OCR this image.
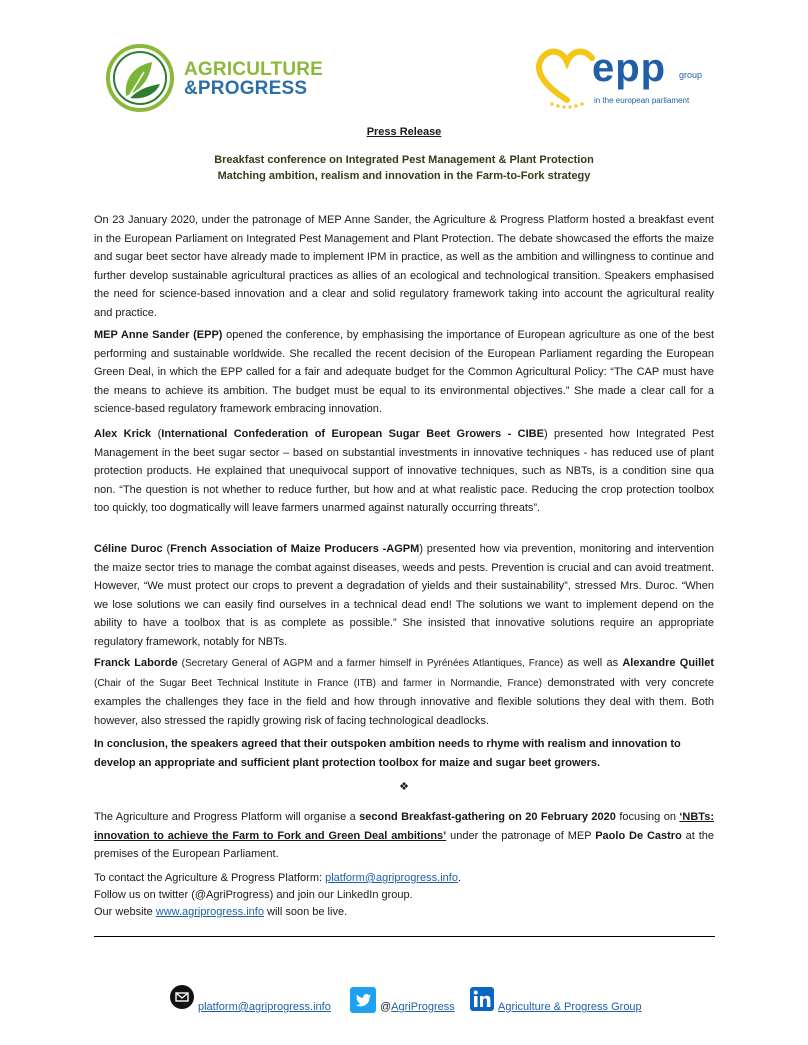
AGRICULTURE
&PROGRESS	epp group
in the european parliament
Press Release
Breakfast conference on Integrated Pest Management & Plant Protection
Matching ambition, realism and innovation in the Farm-to-Fork strategy
On 23 January 2020, under the patronage of MEP Anne Sander, the Agriculture & Progress Platform hosted a breakfast event in the European Parliament on Integrated Pest Management and Plant Protection. The debate showcased the efforts the maize and sugar beet sector have already made to implement IPM in practice, as well as the ambition and willingness to continue and further develop sustainable agricultural practices as allies of an ecological and technological transition. Speakers emphasised the need for science-based innovation and a clear and solid regulatory framework taking into account the agricultural reality and practice.
MEP Anne Sander (EPP) opened the conference, by emphasising the importance of European agriculture as one of the best performing and sustainable worldwide. She recalled the recent decision of the European Parliament regarding the European Green Deal, in which the EPP called for a fair and adequate budget for the Common Agricultural Policy: “The CAP must have the means to achieve its ambition. The budget must be equal to its environmental objectives.” She made a clear call for a science-based regulatory framework embracing innovation.
Alex Krick (International Confederation of European Sugar Beet Growers - CIBE) presented how Integrated Pest Management in the beet sugar sector – based on substantial investments in innovative techniques - has reduced use of plant protection products. He explained that unequivocal support of innovative techniques, such as NBTs, is a condition sine qua non. “The question is not whether to reduce further, but how and at what realistic pace. Reducing the crop protection toolbox too quickly, too dogmatically will leave farmers unarmed against naturally occurring threats”.
Céline Duroc (French Association of Maize Producers -AGPM) presented how via prevention, monitoring and intervention the maize sector tries to manage the combat against diseases, weeds and pests. Prevention is crucial and can avoid treatment. However, “We must protect our crops to prevent a degradation of yields and their sustainability”, stressed Mrs. Duroc. “When we lose solutions we can easily find ourselves in a technical dead end! The solutions we want to implement depend on the ability to have a toolbox that is as complete as possible.” She insisted that innovative solutions require an appropriate regulatory framework, notably for NBTs.
Franck Laborde (Secretary General of AGPM and a farmer himself in Pyrénées Atlantiques, France) as well as Alexandre Quillet (Chair of the Sugar Beet Technical Institute in France (ITB) and farmer in Normandie, France) demonstrated with very concrete examples the challenges they face in the field and how through innovative and flexible solutions they deal with them. Both however, also stressed the rapidly growing risk of facing technological deadlocks.
In conclusion, the speakers agreed that their outspoken ambition needs to rhyme with realism and innovation to develop an appropriate and sufficient plant protection toolbox for maize and sugar beet growers.
❖
The Agriculture and Progress Platform will organise a second Breakfast-gathering on 20 February 2020 focusing on ‘NBTs: innovation to achieve the Farm to Fork and Green Deal ambitions’ under the patronage of MEP Paolo De Castro at the premises of the European Parliament.
To contact the Agriculture & Progress Platform: platform@agriprogress.info.
Follow us on twitter (@AgriProgress) and join our LinkedIn group.
Our website www.agriprogress.info will soon be live.
platform@agriprogress.info	@AgriProgress	Agriculture & Progress Group
